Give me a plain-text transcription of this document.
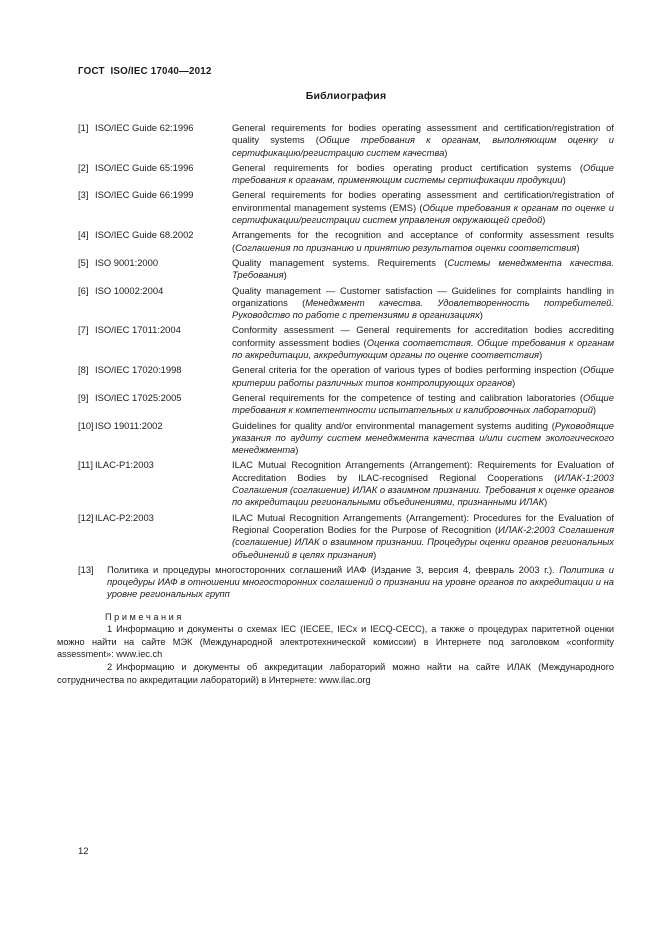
ГОСТ  ISO/IEC 17040—2012
Библиография
[1] ISO/IEC Guide 62:1996	General requirements for bodies operating assessment and certification/registration of quality systems (Общие требования к органам, выполняющим оценку и сертификацию/регистрацию систем качества)
[2] ISO/IEC Guide 65:1996	General requirements for bodies operating product certification systems (Общие требования к органам, применяющим системы сертификации продукции)
[3] ISO/IEC Guide 66:1999	General requirements for bodies operating assessment and certification/registration of environmental management systems (EMS) (Общие требования к органам по оценке и сертификации/регистрации систем управления окружающей средой)
[4] ISO/IEC Guide 68.2002	Arrangements for the recognition and acceptance of conformity assessment results (Соглашения по признанию и принятию результатов оценки соответствия)
[5] ISO 9001:2000	Quality management systems. Requirements (Системы менеджмента качества. Требования)
[6] ISO 10002:2004	Quality management — Customer satisfaction — Guidelines for complaints handling in organizations (Менеджмент качества. Удовлетворенность потребителей. Руководство по работе с претензиями в организациях)
[7] ISO/IEC 17011:2004	Conformity assessment — General requirements for accreditation bodies accrediting conformity assessment bodies (Оценка соответствия. Общие требования к органам по аккредитации, аккредитующим органы по оценке соответствия)
[8] ISO/IEC 17020:1998	General criteria for the operation of various types of bodies performing inspection (Общие критерии работы различных типов контролирующих органов)
[9] ISO/IEC 17025:2005	General requirements for the competence of testing and calibration laboratories (Общие требования к компетентности испытательных и калибровочных лабораторий)
[10]ISO 19011:2002	Guidelines for quality and/or environmental management systems auditing (Руководящие указания по аудиту систем менеджмента качества и/или систем экологического менеджмента)
[11] ILAC-P1:2003	ILAC Mutual Recognition Arrangements (Arrangement): Requirements for Evaluation of Accreditation Bodies by ILAC-recognised Regional Cooperations (ИЛАК-1:2003 Соглашения (соглашение) ИЛАК о взаимном признании. Требования к оценке органов по аккредитации региональными объединениями, признанными ИЛАК)
[12]ILAC-P2:2003	ILAC Mutual Recognition Arrangements (Arrangement): Procedures for the Evaluation of Regional Cooperation Bodies for the Purpose of Recognition (ИЛАК-2:2003 Соглашения (соглашение) ИЛАК о взаимном признании. Процедуры оценки органов региональных объединений в целях признания)
[13] Политика и процедуры многосторонних соглашений ИАФ (Издание 3, версия 4, февраль 2003 г.). Политика и процедуры ИАФ в отношении многосторонних соглашений о признании на уровне органов по аккредитации и на уровне региональных групп
П р и м е ч а н и я
1 Информацию и документы о схемах IEC (IECEE, IECx и IECQ-CECC), а также о процедурах паритетной оценки можно найти на сайте МЭК (Международной электротехнической комиссии) в Интернете под заголовком «conformity assessment»: www.iec.ch
2 Информацию и документы об аккредитации лабораторий можно найти на сайте ИЛАК (Международного сотрудничества по аккредитации лабораторий) в Интернете: www.ilac.org
12
